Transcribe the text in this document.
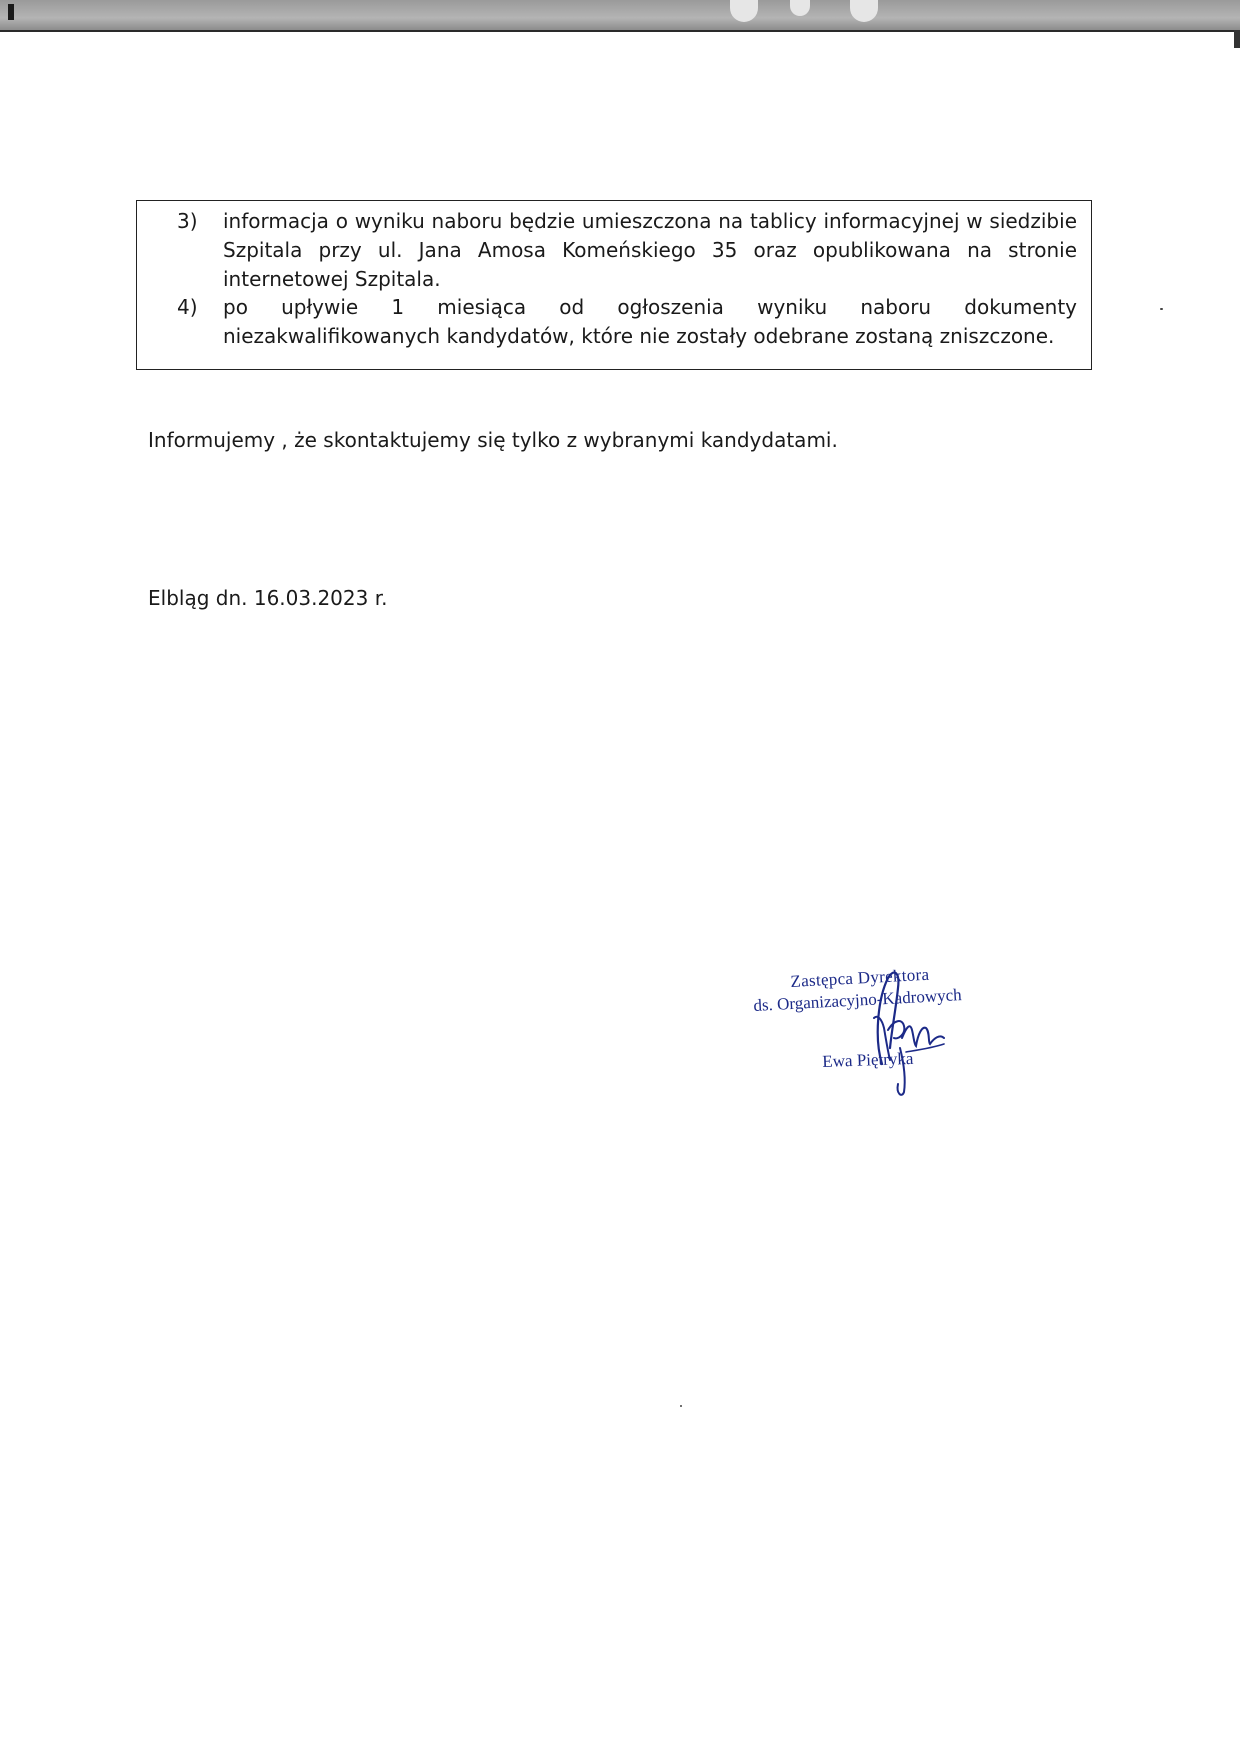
3)	informacja o wyniku naboru będzie umieszczona na tablicy informacyjnej w siedzibie Szpitala przy ul. Jana Amosa Komeńskiego 35 oraz opublikowana na stronie internetowej Szpitala.
4)	po upływie 1 miesiąca od ogłoszenia wyniku naboru dokumenty niezakwalifikowanych kandydatów, które nie zostały odebrane zostaną zniszczone.
Informujemy , że skontaktujemy się tylko z wybranymi kandydatami.
Elbląg dn. 16.03.2023 r.
Zastępca Dyrektora
ds. Organizacyjno-Kadrowych
Ewa Piętryka
